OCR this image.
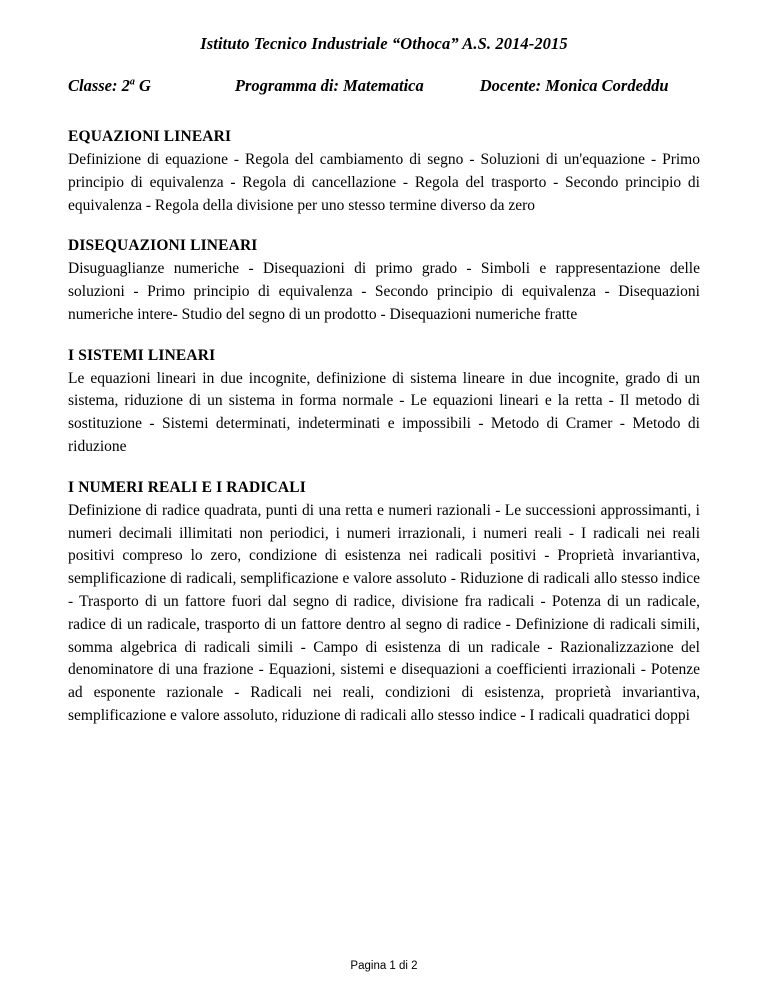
Istituto Tecnico Industriale “Othoca” A.S. 2014-2015
Classe: 2$^a$ G	Programma di: Matematica	Docente: Monica Cordeddu
EQUAZIONI LINEARI

Definizione di equazione - Regola del cambiamento di segno - Soluzioni di un'equazione - Primo principio di equivalenza - Regola di cancellazione - Regola del trasporto - Secondo principio di equivalenza - Regola della divisione per uno stesso termine diverso da zero

DISEQUAZIONI LINEARI

Disuguaglianze numeriche - Disequazioni di primo grado - Simboli e rappresentazione delle soluzioni - Primo principio di equivalenza - Secondo principio di equivalenza - Disequazioni numeriche intere- Studio del segno di un prodotto - Disequazioni numeriche fratte

I SISTEMI LINEARI

Le equazioni lineari in due incognite, definizione di sistema lineare in due incognite, grado di un sistema, riduzione di un sistema in forma normale - Le equazioni lineari e la retta - Il metodo di sostituzione - Sistemi determinati, indeterminati e impossibili - Metodo di Cramer - Metodo di riduzione

I NUMERI REALI E I RADICALI

Definizione di radice quadrata, punti di una retta e numeri razionali - Le successioni approssimanti, i numeri decimali illimitati non periodici, i numeri irrazionali, i numeri reali - I radicali nei reali positivi compreso lo zero, condizione di esistenza nei radicali positivi - Proprietà invariantiva, semplificazione di radicali, semplificazione e valore assoluto - Riduzione di radicali allo stesso indice - Trasporto di un fattore fuori dal segno di radice, divisione fra radicali - Potenza di un radicale, radice di un radicale, trasporto di un fattore dentro al segno di radice - Definizione di radicali simili, somma algebrica di radicali simili - Campo di esistenza di un radicale - Razionalizzazione del denominatore di una frazione - Equazioni, sistemi e disequazioni a coefficienti irrazionali - Potenze ad esponente razionale - Radicali nei reali, condizioni di esistenza, proprietà invariantiva, semplificazione e valore assoluto, riduzione di radicali allo stesso indice - I radicali quadratici doppi

Pagina 1 di 2
